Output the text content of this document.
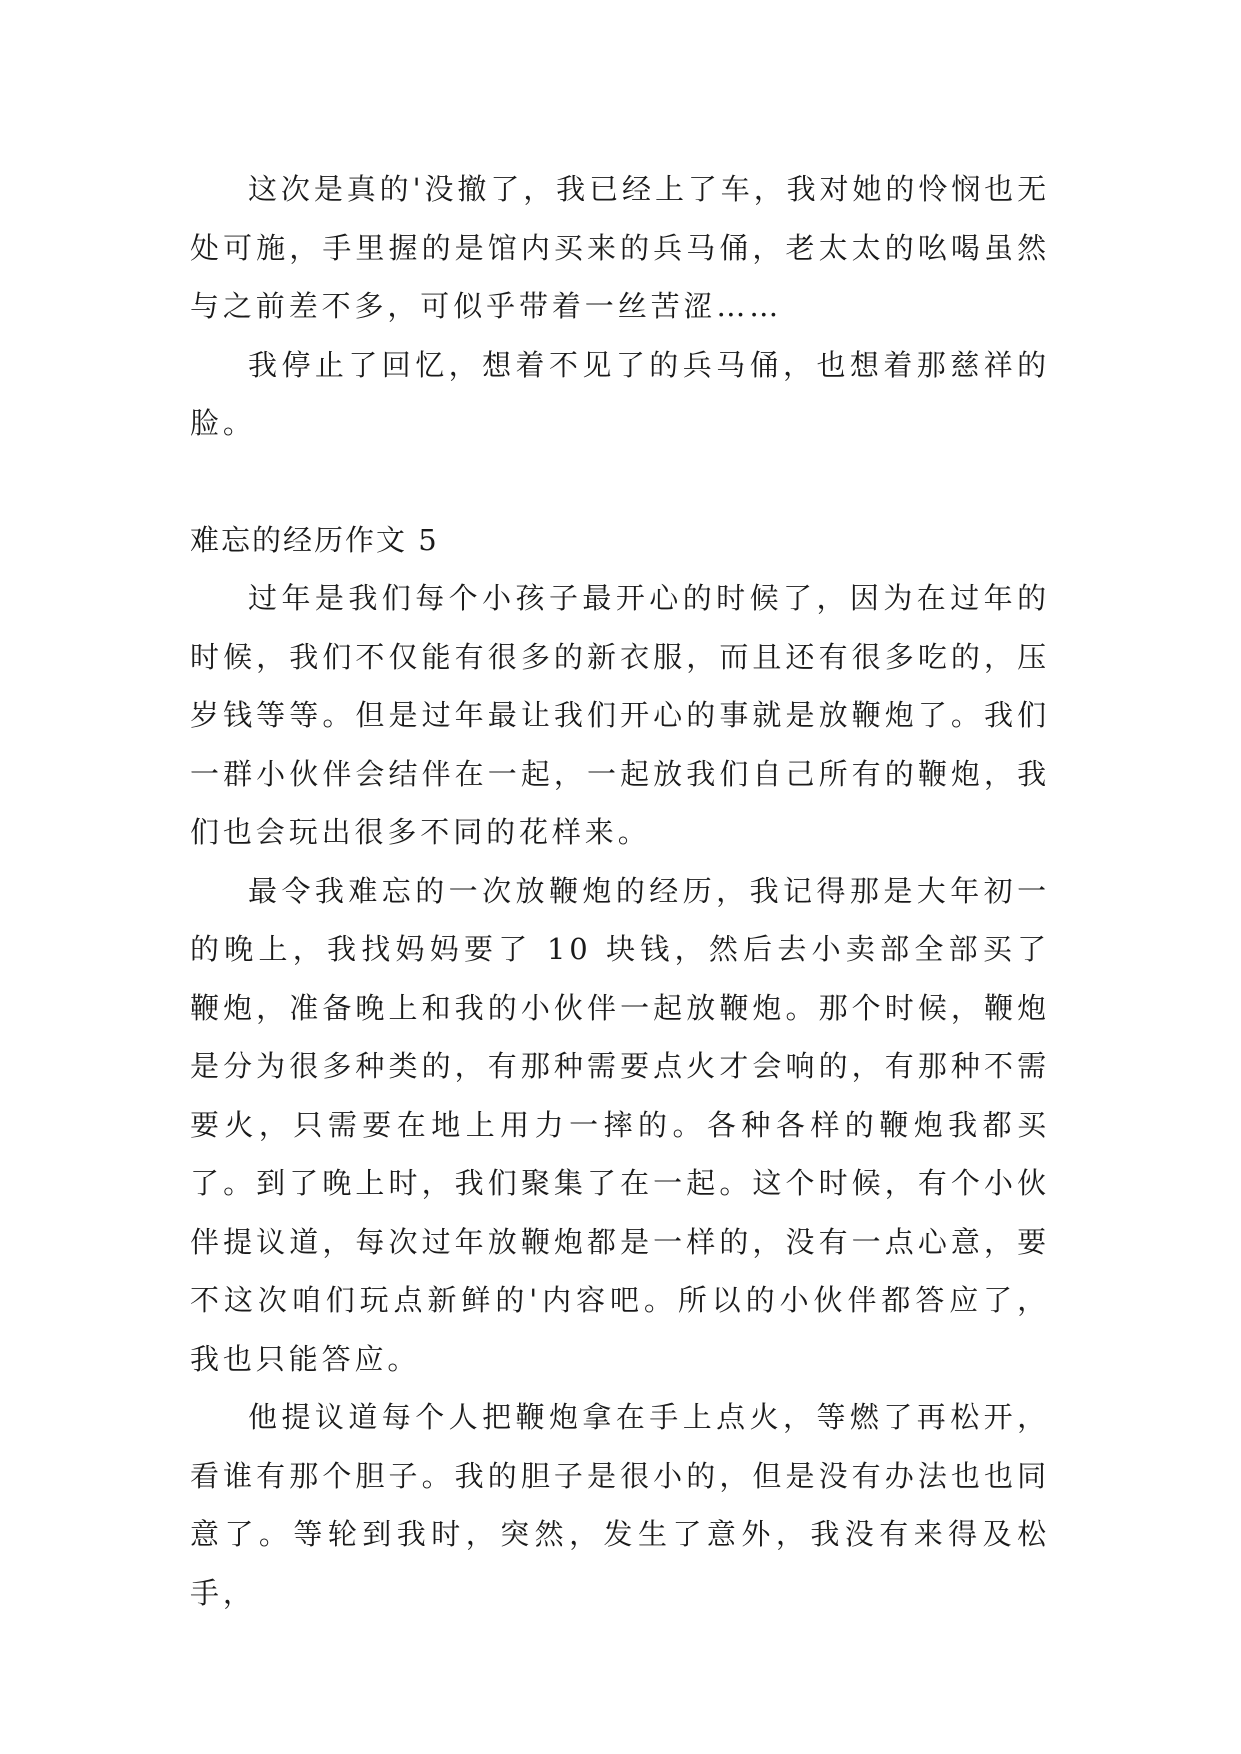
这次是真的'没撤了，我已经上了车，我对她的怜悯也无处可施，手里握的是馆内买来的兵马俑，老太太的吆喝虽然与之前差不多，可似乎带着一丝苦涩……

我停止了回忆，想着不见了的兵马俑，也想着那慈祥的脸。

难忘的经历作文 5

过年是我们每个小孩子最开心的时候了，因为在过年的时候，我们不仅能有很多的新衣服，而且还有很多吃的，压岁钱等等。但是过年最让我们开心的事就是放鞭炮了。我们一群小伙伴会结伴在一起，一起放我们自己所有的鞭炮，我们也会玩出很多不同的花样来。

最令我难忘的一次放鞭炮的经历，我记得那是大年初一的晚上，我找妈妈要了 10 块钱，然后去小卖部全部买了鞭炮，准备晚上和我的小伙伴一起放鞭炮。那个时候，鞭炮是分为很多种类的，有那种需要点火才会响的，有那种不需要火，只需要在地上用力一摔的。各种各样的鞭炮我都买了。到了晚上时，我们聚集了在一起。这个时候，有个小伙伴提议道，每次过年放鞭炮都是一样的，没有一点心意，要不这次咱们玩点新鲜的'内容吧。所以的小伙伴都答应了，我也只能答应。

他提议道每个人把鞭炮拿在手上点火，等燃了再松开，看谁有那个胆子。我的胆子是很小的，但是没有办法也也同意了。等轮到我时，突然，发生了意外，我没有来得及松手，
